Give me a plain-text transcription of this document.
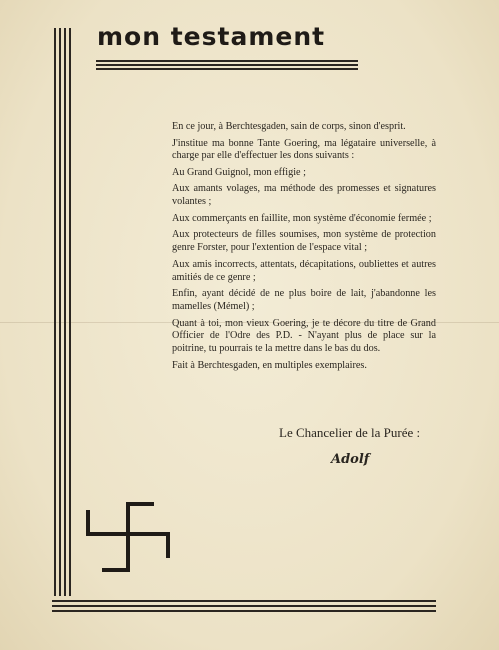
mon testament

En ce jour, à Berchtesgaden, sain de corps, sinon d'esprit.

J'institue ma bonne Tante Goering, ma légataire universelle, à charge par elle d'effectuer les dons suivants :

Au Grand Guignol, mon effigie ;

Aux amants volages, ma méthode des promesses et signatures volantes ;

Aux commerçants en faillite, mon système d'économie fermée ;

Aux protecteurs de filles soumises, mon système de protection genre Forster, pour l'extention de l'espace vital ;

Aux amis incorrects, attentats, décapitations, oubliettes et autres amitiés de ce genre ;

Enfin, ayant décidé de ne plus boire de lait, j'abandonne les mamelles (Mémel) ;

Quant à toi, mon vieux Goering, je te décore du titre de Grand Officier de l'Odre des P.D. - N'ayant plus de place sur la poitrine, tu pourrais te la mettre dans le bas du dos.

Fait à Berchtesgaden, en multiples exemplaires.

Le Chancelier de la Purée :

Adolf
